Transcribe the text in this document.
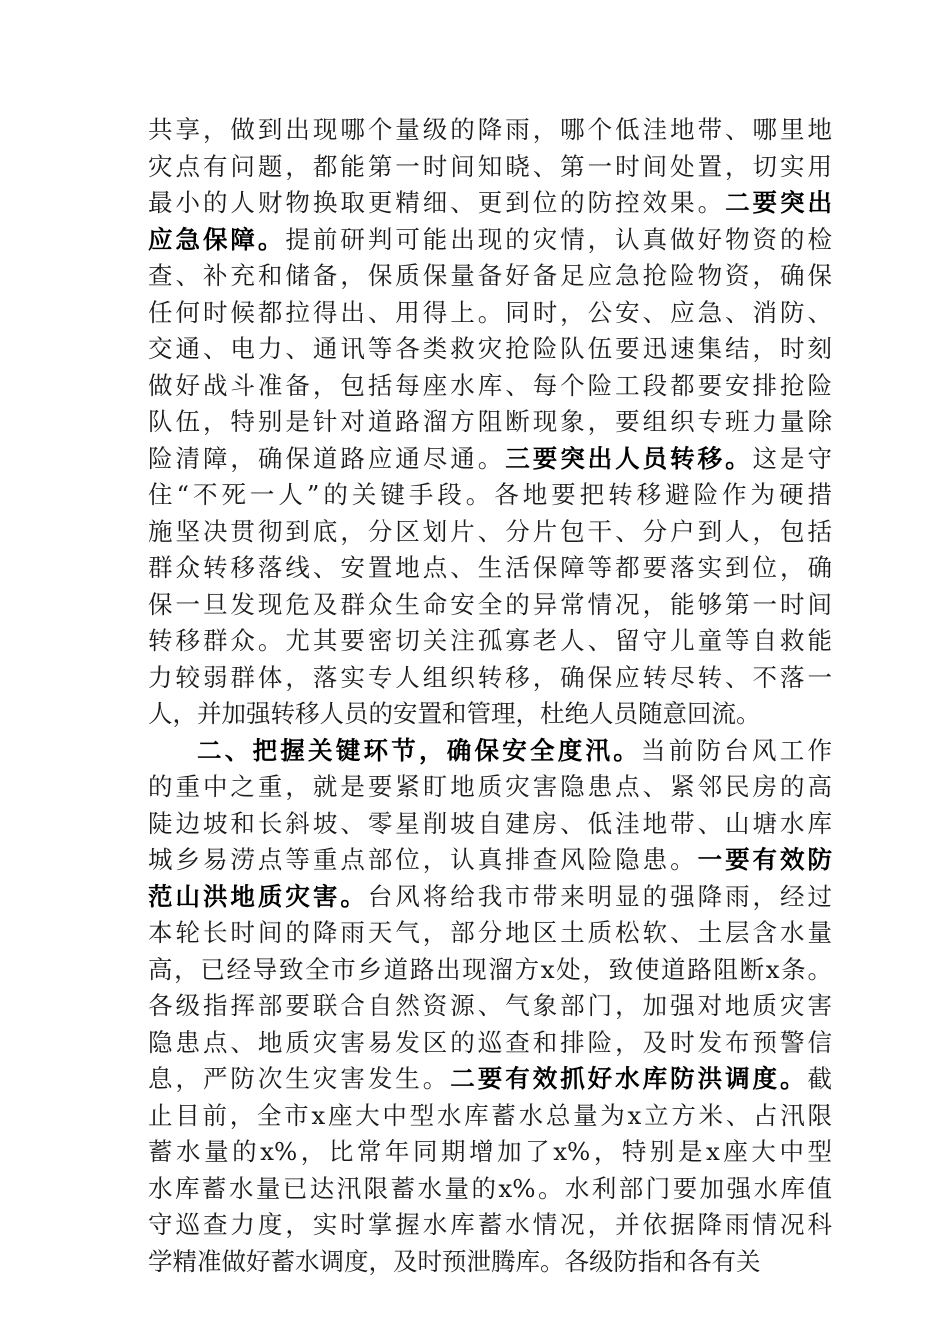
共享，做到出现哪个量级的降雨，哪个低洼地带、哪里地
灾点有问题，都能第一时间知晓、第一时间处置，切实用
最小的人财物换取更精细、更到位的防控效果。二要突出
应急保障。提前研判可能出现的灾情，认真做好物资的检
查、补充和储备，保质保量备好备足应急抢险物资，确保
任何时候都拉得出、用得上。同时，公安、应急、消防、
交通、电力、通讯等各类救灾抢险队伍要迅速集结，时刻
做好战斗准备，包括每座水库、每个险工段都要安排抢险
队伍，特别是针对道路溜方阻断现象，要组织专班力量除
险清障，确保道路应通尽通。三要突出人员转移。这是守
住“不死一人”的关键手段。各地要把转移避险作为硬措
施坚决贯彻到底，分区划片、分片包干、分户到人，包括
群众转移落线、安置地点、生活保障等都要落实到位，确
保一旦发现危及群众生命安全的异常情况，能够第一时间
转移群众。尤其要密切关注孤寡老人、留守儿童等自救能
力较弱群体，落实专人组织转移，确保应转尽转、不落一
人，并加强转移人员的安置和管理，杜绝人员随意回流。
二、把握关键环节，确保安全度汛。当前防台风工作
的重中之重，就是要紧盯地质灾害隐患点、紧邻民房的高
陡边坡和长斜坡、零星削坡自建房、低洼地带、山塘水库
城乡易涝点等重点部位，认真排查风险隐患。一要有效防
范山洪地质灾害。台风将给我市带来明显的强降雨，经过
本轮长时间的降雨天气，部分地区土质松软、土层含水量
高，已经导致全市乡道路出现溜方x处，致使道路阻断x条。
各级指挥部要联合自然资源、气象部门，加强对地质灾害
隐患点、地质灾害易发区的巡查和排险，及时发布预警信
息，严防次生灾害发生。二要有效抓好水库防洪调度。截
止目前，全市x座大中型水库蓄水总量为x立方米、占汛限
蓄水量的x%，比常年同期增加了x%，特别是x座大中型
水库蓄水量已达汛限蓄水量的x%。水利部门要加强水库值
守巡查力度，实时掌握水库蓄水情况，并依据降雨情况科
学精准做好蓄水调度，及时预泄腾库。各级防指和各有关
